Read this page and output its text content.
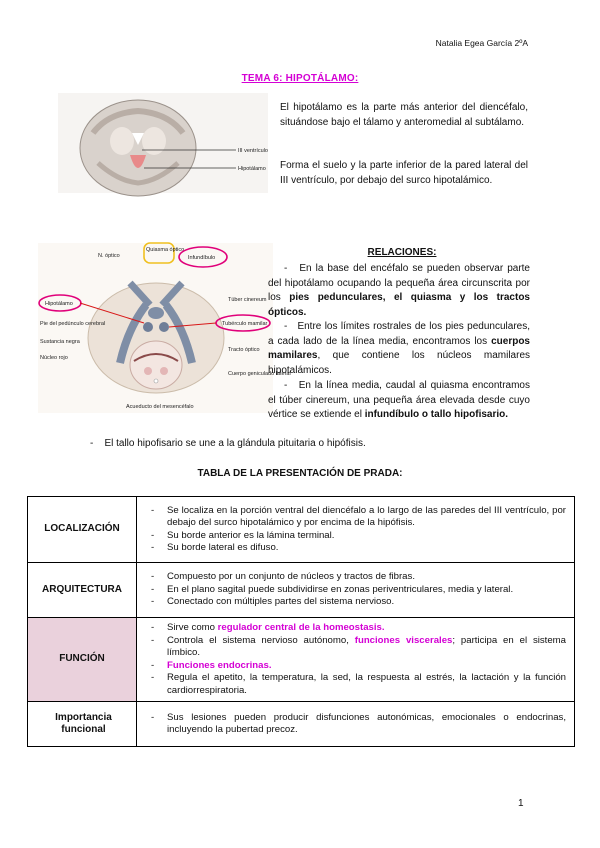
Natalia Egea García 2ºA
TEMA 6: HIPOTÁLAMO:
III ventrículo
Hipotálamo
El hipotálamo es la parte más anterior del diencéfalo, situándose bajo el tálamo y anteromedial al subtálamo.
Forma el suelo y la parte inferior de la pared lateral del III ventrículo, por debajo del surco hipotalámico.
Quiasma óptico
Infundíbulo
N. óptico
Hipotálamo
Pie del pedúnculo cerebral
Sustancia negra
Núcleo rojo
Túber cinereum
Tubérculo mamilar
Tracto óptico
Cuerpo geniculado lateral
Acueducto del mesencéfalo
RELACIONES:
-   En la base del encéfalo se pueden observar parte del hipotálamo ocupando la pequeña área circunscrita por los pies pedunculares, el quiasma y los tractos ópticos.
-   Entre los límites rostrales de los pies pedunculares, a cada lado de la línea media, encontramos los cuerpos mamilares, que contiene los núcleos mamilares hipotalámicos.
-   En la línea media, caudal al quiasma encontramos el túber cinereum, una pequeña área elevada desde cuyo vértice se extiende el infundíbulo o tallo hipofisario.
-    El tallo hipofisario se une a la glándula pituitaria o hipófisis.
TABLA DE LA PRESENTACIÓN DE PRADA:
LOCALIZACIÓN	- Se localiza en la porción ventral del diencéfalo a lo largo de las paredes del III ventrículo, por debajo del surco hipotalámico y por encima de la hipófisis.
- Su borde anterior es la lámina terminal.
- Su borde lateral es difuso.

ARQUITECTURA	- Compuesto por un conjunto de núcleos y tractos de fibras.
- En el plano sagital puede subdividirse en zonas periventriculares, media y lateral.
- Conectado con múltiples partes del sistema nervioso.

FUNCIÓN	- Sirve como regulador central de la homeostasis.
- Controla el sistema nervioso autónomo, funciones viscerales; participa en el sistema límbico.
- Funciones endocrinas.
- Regula el apetito, la temperatura, la sed, la respuesta al estrés, la lactación y la función cardiorrespiratoria.

Importancia funcional	- Sus lesiones pueden producir disfunciones autonómicas, emocionales o endocrinas, incluyendo la pubertad precoz.
1
